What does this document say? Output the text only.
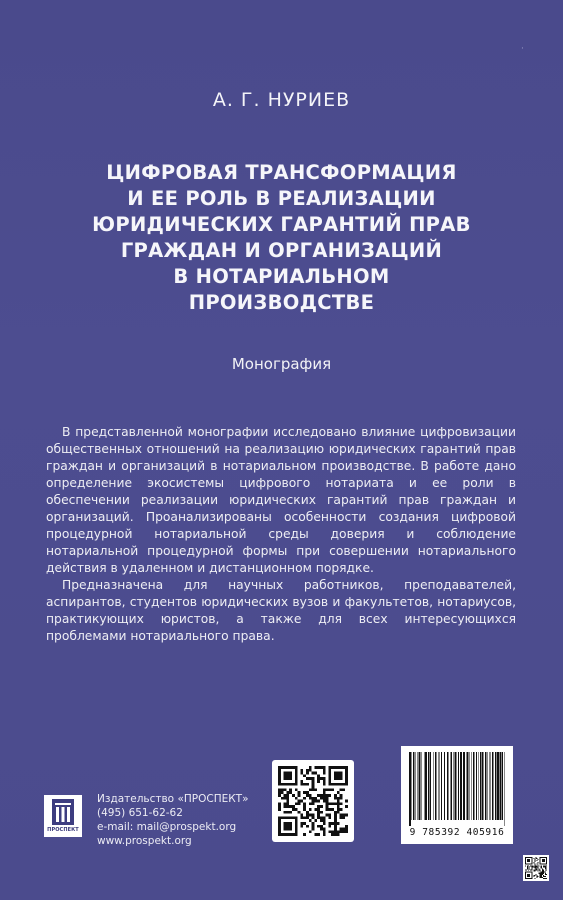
А. Г. НУРИЕВ
ЦИФРОВАЯ ТРАНСФОРМАЦИЯ
И ЕЕ РОЛЬ В РЕАЛИЗАЦИИ
ЮРИДИЧЕСКИХ ГАРАНТИЙ ПРАВ
ГРАЖДАН И ОРГАНИЗАЦИЙ
В НОТАРИАЛЬНОМ
ПРОИЗВОДСТВЕ
Монография

В представленной монографии исследовано влияние цифровизации общественных отношений на реализацию юридических гарантий прав граждан и организаций в нотариальном производстве. В работе дано определение экосистемы цифрового нотариата и ее роли в обеспечении реализации юридических гарантий прав граждан и организаций. Проанализированы особенности создания цифровой процедурной нотариальной среды доверия и соблюдение нотариальной процедурной формы при совершении нотариального действия в удаленном и дистанционном порядке.

Предназначена для научных работников, преподавателей, аспирантов, студентов юридических вузов и факультетов, нотариусов, практикующих юристов, а также для всех интересующихся проблемами нотариального права.

ПРОСПЕКТ
Издательство «ПРОСПЕКТ»
(495) 651-62-62
e-mail: mail@prospekt.org
www.prospekt.org
9 785392 405916
